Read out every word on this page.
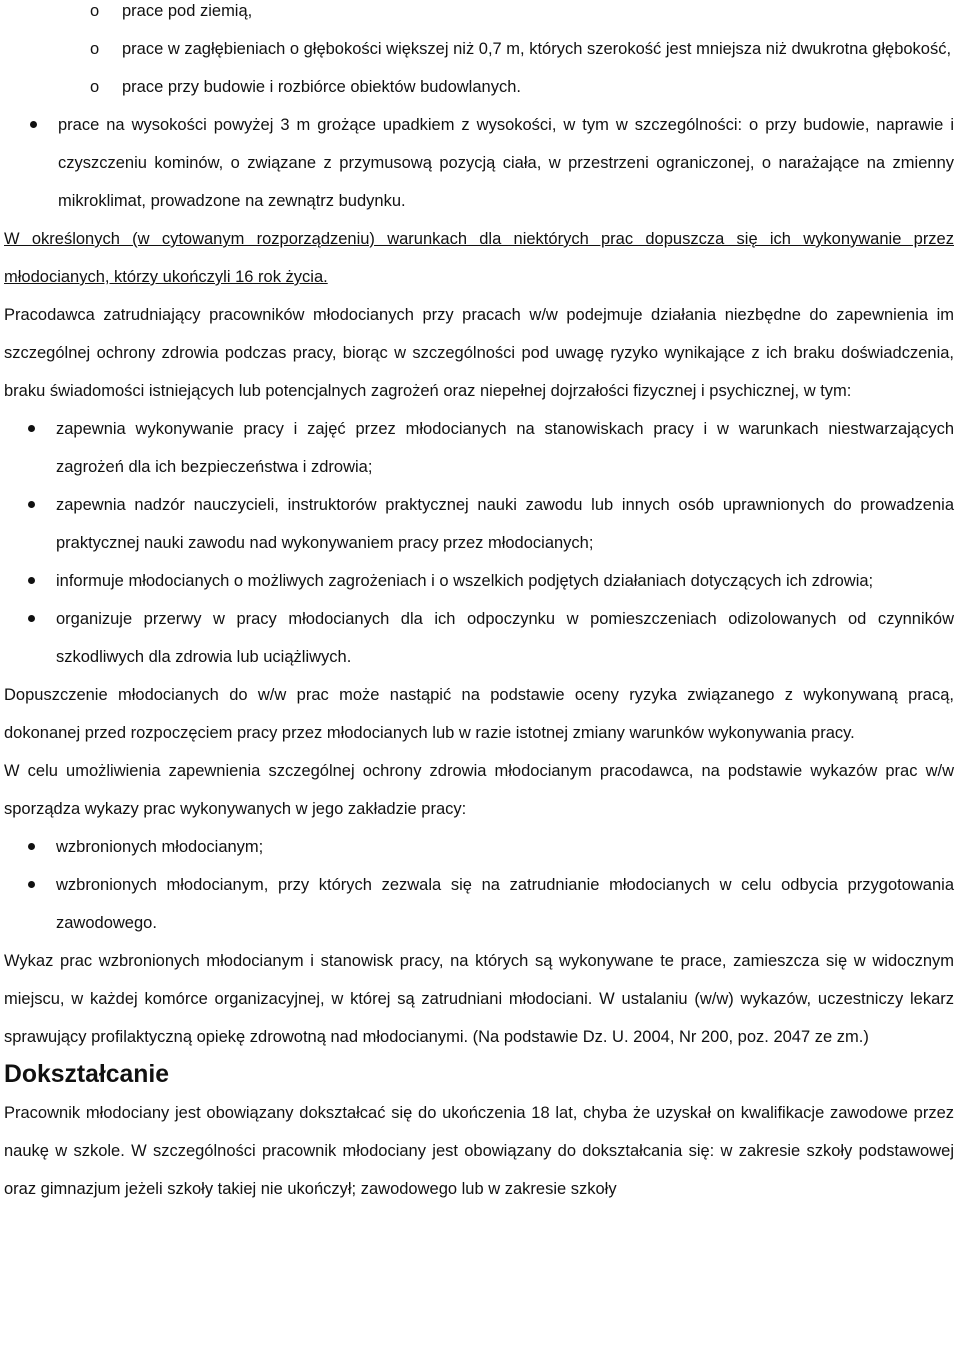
o prace pod ziemią,
o prace w zagłębieniach o głębokości większej niż 0,7 m, których szerokość jest mniejsza niż dwukrotna głębokość,
o prace przy budowie i rozbiórce obiektów budowlanych.
prace na wysokości powyżej 3 m grożące upadkiem z wysokości, w tym w szczególności: o przy budowie, naprawie i czyszczeniu kominów, o związane z przymusową pozycją ciała, w przestrzeni ograniczonej, o narażające na zmienny mikroklimat, prowadzone na zewnątrz budynku.

W określonych (w cytowanym rozporządzeniu) warunkach dla niektórych prac dopuszcza się ich wykonywanie przez młodocianych, którzy ukończyli 16 rok życia.

Pracodawca zatrudniający pracowników młodocianych przy pracach w/w podejmuje działania niezbędne do zapewnienia im szczególnej ochrony zdrowia podczas pracy, biorąc w szczególności pod uwagę ryzyko wynikające z ich braku doświadczenia, braku świadomości istniejących lub potencjalnych zagrożeń oraz niepełnej dojrzałości fizycznej i psychicznej, w tym:

zapewnia wykonywanie pracy i zajęć przez młodocianych na stanowiskach pracy i w warunkach niestwarzających zagrożeń dla ich bezpieczeństwa i zdrowia;
zapewnia nadzór nauczycieli, instruktorów praktycznej nauki zawodu lub innych osób uprawnionych do prowadzenia praktycznej nauki zawodu nad wykonywaniem pracy przez młodocianych;
informuje młodocianych o możliwych zagrożeniach i o wszelkich podjętych działaniach dotyczących ich zdrowia;
organizuje przerwy w pracy młodocianych dla ich odpoczynku w pomieszczeniach odizolowanych od czynników szkodliwych dla zdrowia lub uciążliwych.

Dopuszczenie młodocianych do w/w prac może nastąpić na podstawie oceny ryzyka związanego z wykonywaną pracą, dokonanej przed rozpoczęciem pracy przez młodocianych lub w razie istotnej zmiany warunków wykonywania pracy.

W celu umożliwienia zapewnienia szczególnej ochrony zdrowia młodocianym pracodawca, na podstawie wykazów prac w/w sporządza wykazy prac wykonywanych w jego zakładzie pracy:

wzbronionych młodocianym;
wzbronionych młodocianym, przy których zezwala się na zatrudnianie młodocianych w celu odbycia przygotowania zawodowego.

Wykaz prac wzbronionych młodocianym i stanowisk pracy, na których są wykonywane te prace, zamieszcza się w widocznym miejscu, w każdej komórce organizacyjnej, w której są zatrudniani młodociani. W ustalaniu (w/w) wykazów, uczestniczy lekarz sprawujący profilaktyczną opiekę zdrowotną nad młodocianymi. (Na podstawie Dz. U. 2004, Nr 200, poz. 2047 ze zm.)

Dokształcanie

Pracownik młodociany jest obowiązany dokształcać się do ukończenia 18 lat, chyba że uzyskał on kwalifikacje zawodowe przez naukę w szkole. W szczególności pracownik młodociany jest obowiązany do dokształcania się: w zakresie szkoły podstawowej oraz gimnazjum jeżeli szkoły takiej nie ukończył; zawodowego lub w zakresie szkoły
